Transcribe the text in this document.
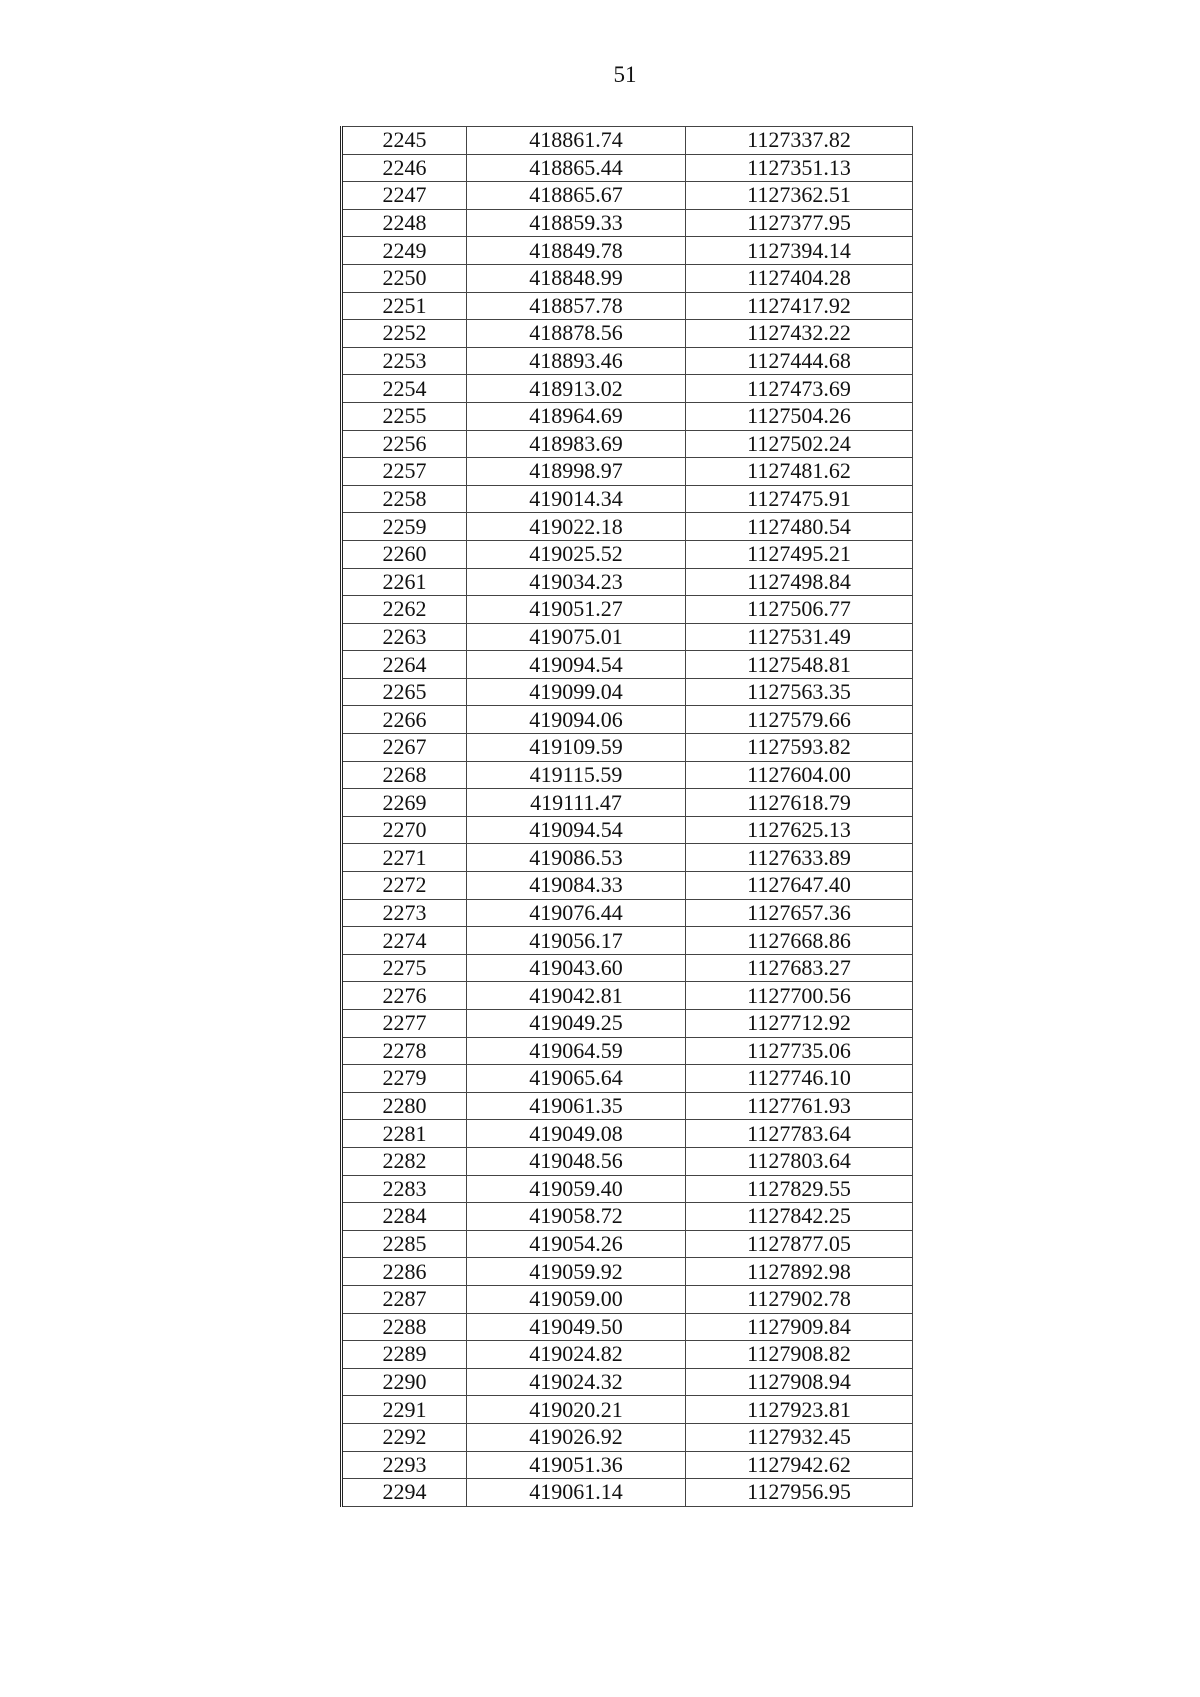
51
2245	418861.74	1127337.82
2246	418865.44	1127351.13
2247	418865.67	1127362.51
2248	418859.33	1127377.95
2249	418849.78	1127394.14
2250	418848.99	1127404.28
2251	418857.78	1127417.92
2252	418878.56	1127432.22
2253	418893.46	1127444.68
2254	418913.02	1127473.69
2255	418964.69	1127504.26
2256	418983.69	1127502.24
2257	418998.97	1127481.62
2258	419014.34	1127475.91
2259	419022.18	1127480.54
2260	419025.52	1127495.21
2261	419034.23	1127498.84
2262	419051.27	1127506.77
2263	419075.01	1127531.49
2264	419094.54	1127548.81
2265	419099.04	1127563.35
2266	419094.06	1127579.66
2267	419109.59	1127593.82
2268	419115.59	1127604.00
2269	419111.47	1127618.79
2270	419094.54	1127625.13
2271	419086.53	1127633.89
2272	419084.33	1127647.40
2273	419076.44	1127657.36
2274	419056.17	1127668.86
2275	419043.60	1127683.27
2276	419042.81	1127700.56
2277	419049.25	1127712.92
2278	419064.59	1127735.06
2279	419065.64	1127746.10
2280	419061.35	1127761.93
2281	419049.08	1127783.64
2282	419048.56	1127803.64
2283	419059.40	1127829.55
2284	419058.72	1127842.25
2285	419054.26	1127877.05
2286	419059.92	1127892.98
2287	419059.00	1127902.78
2288	419049.50	1127909.84
2289	419024.82	1127908.82
2290	419024.32	1127908.94
2291	419020.21	1127923.81
2292	419026.92	1127932.45
2293	419051.36	1127942.62
2294	419061.14	1127956.95
